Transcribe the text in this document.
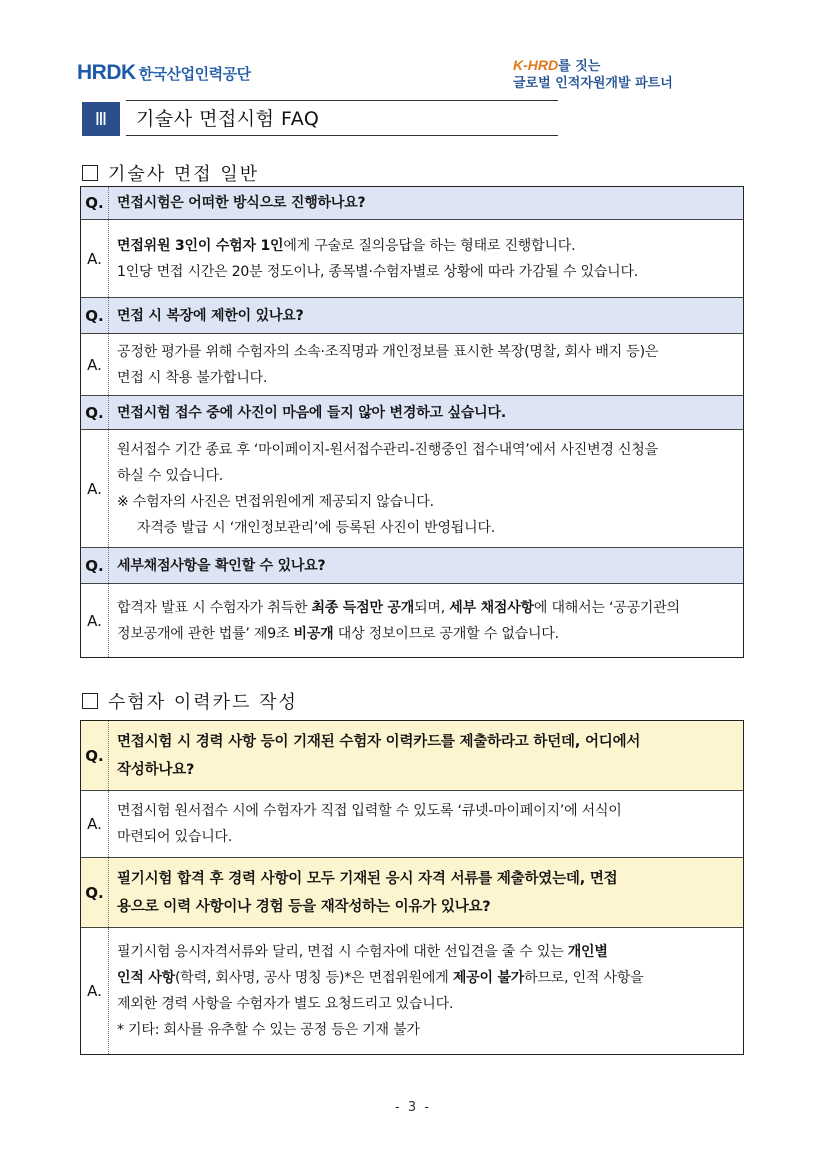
HRDK 한국산업인력공단	K-HRD를 짓는
글로벌 인적자원개발 파트너
Ⅲ	기술사 면접시험 FAQ
기술사 면접 일반
Q. 면접시험은 어떠한 방식으로 진행하나요?
A.
면접위원 3인이 수험자 1인에게 구술로 질의응답을 하는 형태로 진행합니다.
1인당 면접 시간은 20분 정도이나, 종목별·수험자별로 상황에 따라 가감될 수 있습니다.
Q. 면접 시 복장에 제한이 있나요?
A.
공정한 평가를 위해 수험자의 소속·조직명과 개인정보를 표시한 복장(명찰, 회사 배지 등)은
면접 시 착용 불가합니다.
Q. 면접시험 접수 중에 사진이 마음에 들지 않아 변경하고 싶습니다.
A.
원서접수 기간 종료 후 ‘마이페이지-원서접수관리-진행중인 접수내역’에서 사진변경 신청을
하실 수 있습니다.
※ 수험자의 사진은 면접위원에게 제공되지 않습니다.
자격증 발급 시 ‘개인정보관리’에 등록된 사진이 반영됩니다.
Q. 세부채점사항을 확인할 수 있나요?
A.
합격자 발표 시 수험자가 취득한 최종 득점만 공개되며, 세부 채점사항에 대해서는 ‘공공기관의
정보공개에 관한 법률’ 제9조 비공개 대상 정보이므로 공개할 수 없습니다.
수험자 이력카드 작성
Q.
면접시험 시 경력 사항 등이 기재된 수험자 이력카드를 제출하라고 하던데, 어디에서
작성하나요?
A.
면접시험 원서접수 시에 수험자가 직접 입력할 수 있도록 ‘큐넷-마이페이지’에 서식이
마련되어 있습니다.
Q.
필기시험 합격 후 경력 사항이 모두 기재된 응시 자격 서류를 제출하였는데, 면접
용으로 이력 사항이나 경험 등을 재작성하는 이유가 있나요?
A.
필기시험 응시자격서류와 달리, 면접 시 수험자에 대한 선입견을 줄 수 있는 개인별
인적 사항(학력, 회사명, 공사 명칭 등)*은 면접위원에게 제공이 불가하므로, 인적 사항을
제외한 경력 사항을 수험자가 별도 요청드리고 있습니다.
* 기타: 회사를 유추할 수 있는 공정 등은 기재 불가
- 3 -
